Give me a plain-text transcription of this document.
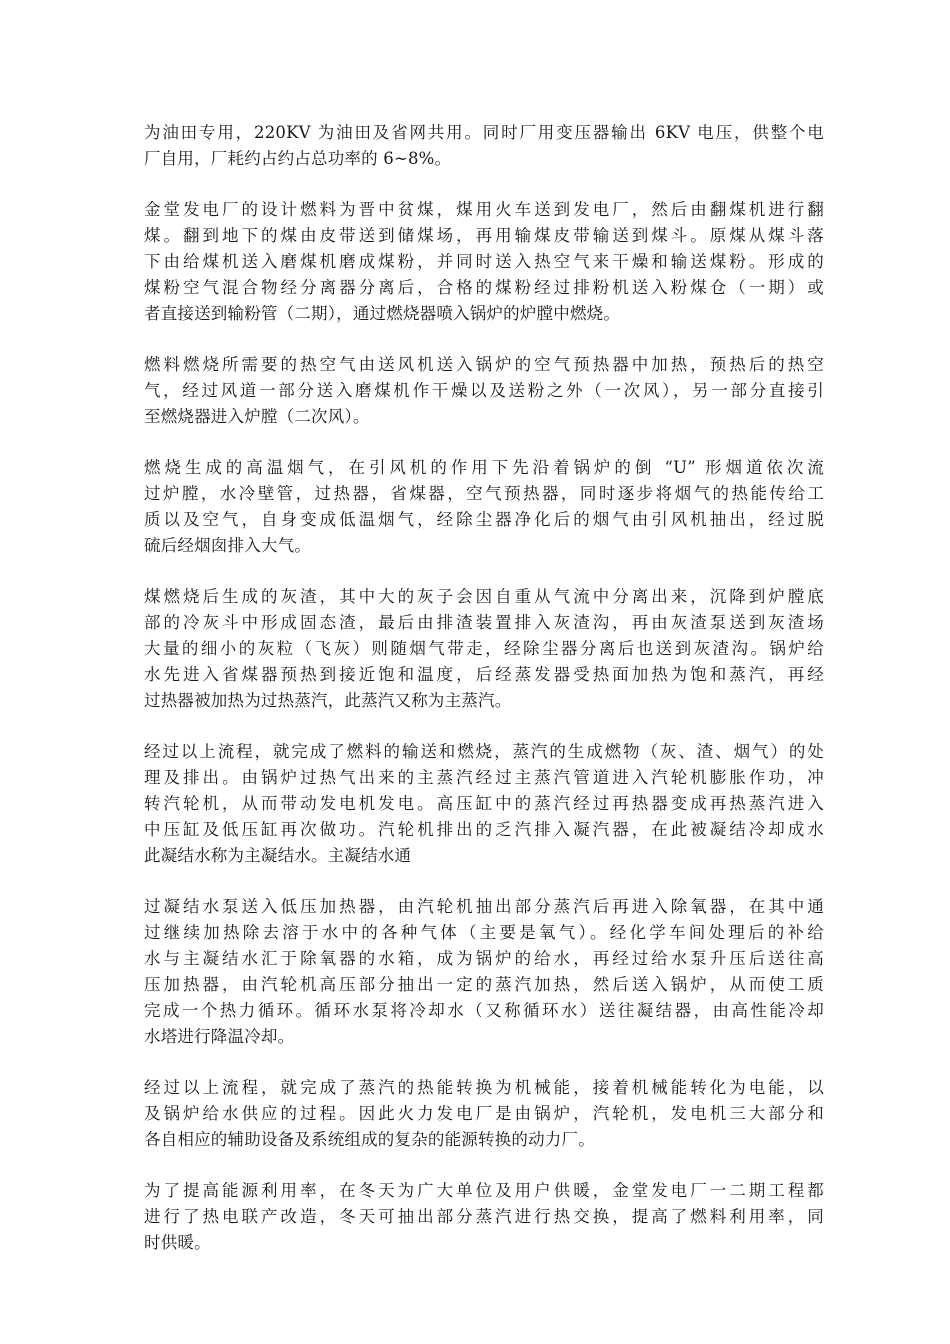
为油田专用，220KV 为油田及省网共用。同时厂用变压器输出 6KV 电压，供整个电
厂自用，厂耗约占约占总功率的 6~8%。

金堂发电厂的设计燃料为晋中贫煤，煤用火车送到发电厂，然后由翻煤机进行翻
煤。翻到地下的煤由皮带送到储煤场，再用输煤皮带输送到煤斗。原煤从煤斗落
下由给煤机送入磨煤机磨成煤粉，并同时送入热空气来干燥和输送煤粉。形成的
煤粉空气混合物经分离器分离后，合格的煤粉经过排粉机送入粉煤仓（一期）或
者直接送到输粉管（二期），通过燃烧器喷入锅炉的炉膛中燃烧。

燃料燃烧所需要的热空气由送风机送入锅炉的空气预热器中加热，预热后的热空
气，经过风道一部分送入磨煤机作干燥以及送粉之外（一次风），另一部分直接引
至燃烧器进入炉膛（二次风）。

燃烧生成的高温烟气，在引风机的作用下先沿着锅炉的倒 “U” 形烟道依次流
过炉膛，水冷壁管，过热器，省煤器，空气预热器，同时逐步将烟气的热能传给工
质以及空气，自身变成低温烟气，经除尘器净化后的烟气由引风机抽出，经过脱
硫后经烟囱排入大气。

煤燃烧后生成的灰渣，其中大的灰子会因自重从气流中分离出来，沉降到炉膛底
部的冷灰斗中形成固态渣，最后由排渣装置排入灰渣沟，再由灰渣泵送到灰渣场
大量的细小的灰粒（飞灰）则随烟气带走，经除尘器分离后也送到灰渣沟。锅炉给
水先进入省煤器预热到接近饱和温度，后经蒸发器受热面加热为饱和蒸汽，再经
过热器被加热为过热蒸汽，此蒸汽又称为主蒸汽。

经过以上流程，就完成了燃料的输送和燃烧，蒸汽的生成燃物（灰、渣、烟气）的处
理及排出。由锅炉过热气出来的主蒸汽经过主蒸汽管道进入汽轮机膨胀作功，冲
转汽轮机，从而带动发电机发电。高压缸中的蒸汽经过再热器变成再热蒸汽进入
中压缸及低压缸再次做功。汽轮机排出的乏汽排入凝汽器，在此被凝结冷却成水
此凝结水称为主凝结水。主凝结水通

过凝结水泵送入低压加热器，由汽轮机抽出部分蒸汽后再进入除氧器，在其中通
过继续加热除去溶于水中的各种气体（主要是氧气）。经化学车间处理后的补给
水与主凝结水汇于除氧器的水箱，成为锅炉的给水，再经过给水泵升压后送往高
压加热器，由汽轮机高压部分抽出一定的蒸汽加热，然后送入锅炉，从而使工质
完成一个热力循环。循环水泵将冷却水（又称循环水）送往凝结器，由高性能冷却
水塔进行降温冷却。

经过以上流程，就完成了蒸汽的热能转换为机械能，接着机械能转化为电能，以
及锅炉给水供应的过程。因此火力发电厂是由锅炉，汽轮机，发电机三大部分和
各自相应的辅助设备及系统组成的复杂的能源转换的动力厂。

为了提高能源利用率，在冬天为广大单位及用户供暖，金堂发电厂一二期工程都
进行了热电联产改造，冬天可抽出部分蒸汽进行热交换，提高了燃料利用率，同
时供暖。
